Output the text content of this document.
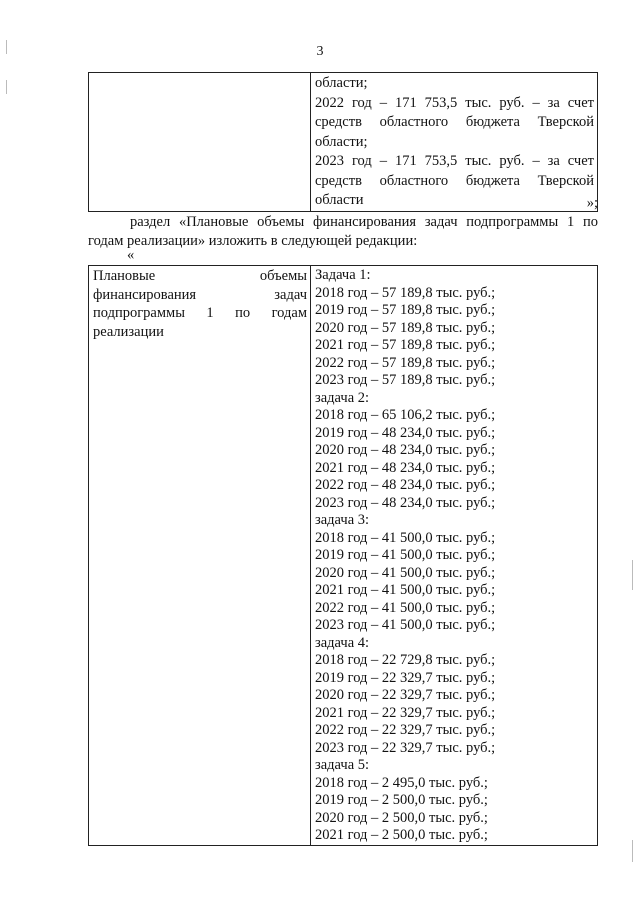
3

области;
2022 год – 171 753,5 тыс. руб. – за счет
средств областного бюджета Тверской
области;
2023 год – 171 753,5 тыс. руб. – за счет
средств областного бюджета Тверской
области	»;
раздел «Плановые объемы финансирования задач подпрограммы 1 по годам реализации» изложить в следующей редакции:
«
Плановые объемы
финансирования задач
подпрограммы 1 по годам
реализации

Задача 1:
2018 год – 57 189,8 тыс. руб.;
2019 год – 57 189,8 тыс. руб.;
2020 год – 57 189,8 тыс. руб.;
2021 год – 57 189,8 тыс. руб.;
2022 год – 57 189,8 тыс. руб.;
2023 год – 57 189,8 тыс. руб.;
задача 2:
2018 год – 65 106,2 тыс. руб.;
2019 год – 48 234,0 тыс. руб.;
2020 год – 48 234,0 тыс. руб.;
2021 год – 48 234,0 тыс. руб.;
2022 год – 48 234,0 тыс. руб.;
2023 год – 48 234,0 тыс. руб.;
задача 3:
2018 год – 41 500,0 тыс. руб.;
2019 год – 41 500,0 тыс. руб.;
2020 год – 41 500,0 тыс. руб.;
2021 год – 41 500,0 тыс. руб.;
2022 год – 41 500,0 тыс. руб.;
2023 год – 41 500,0 тыс. руб.;
задача 4:
2018 год – 22 729,8 тыс. руб.;
2019 год – 22 329,7 тыс. руб.;
2020 год – 22 329,7 тыс. руб.;
2021 год – 22 329,7 тыс. руб.;
2022 год – 22 329,7 тыс. руб.;
2023 год – 22 329,7 тыс. руб.;
задача 5:
2018 год – 2 495,0 тыс. руб.;
2019 год – 2 500,0 тыс. руб.;
2020 год – 2 500,0 тыс. руб.;
2021 год – 2 500,0 тыс. руб.;
